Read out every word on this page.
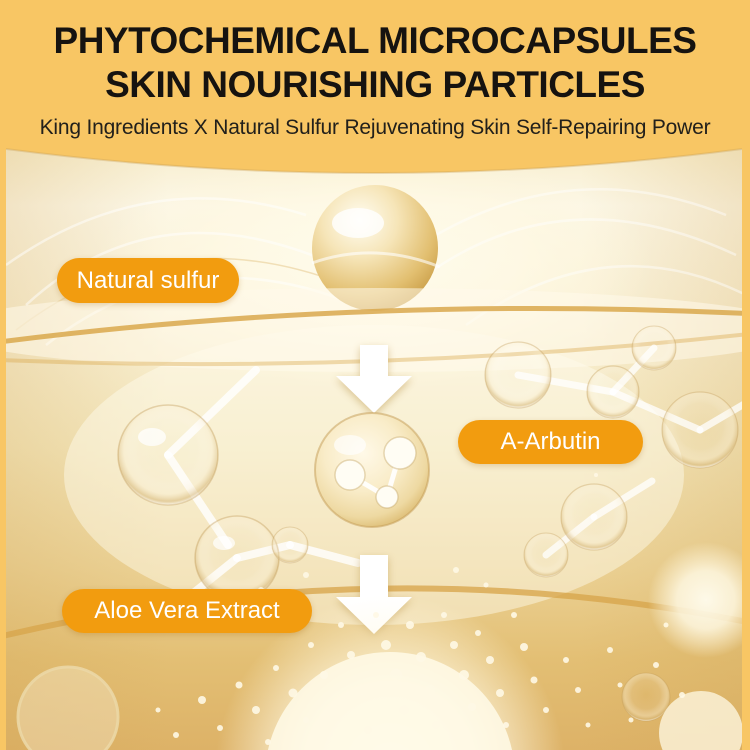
PHYTOCHEMICAL MICROCAPSULES
SKIN NOURISHING PARTICLES

King Ingredients X Natural Sulfur Rejuvenating Skin Self-Repairing Power

Natural sulfur
A-Arbutin
Aloe Vera Extract
